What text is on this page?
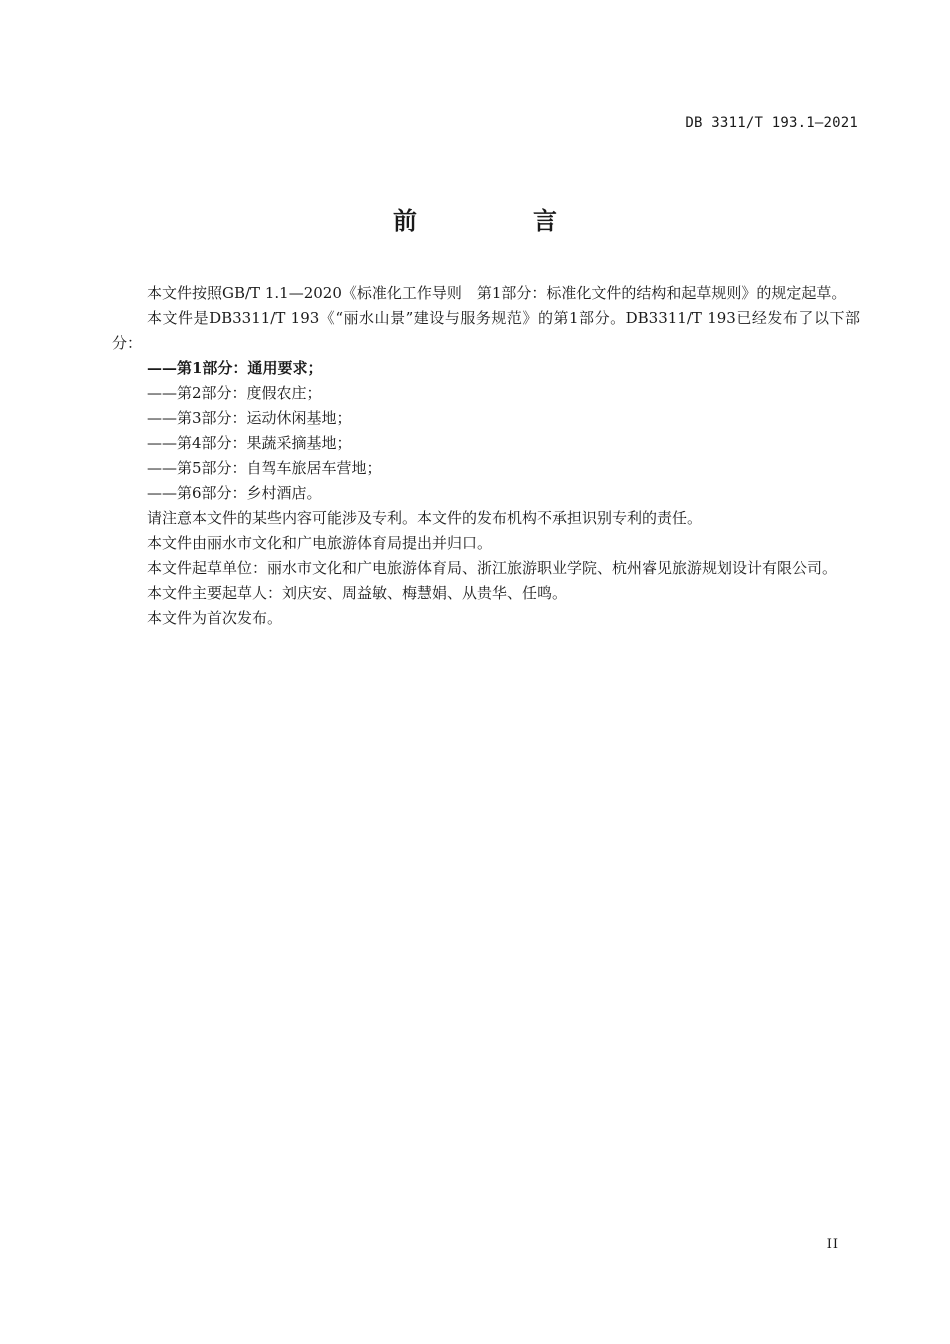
DB 3311/T 193.1—2021
前　言

本文件按照GB/T 1.1—2020《标准化工作导则　第1部分：标准化文件的结构和起草规则》的规定起草。

本文件是DB3311/T 193《“丽水山景”建设与服务规范》的第1部分。DB3311/T 193已经发布了以下部分：

——第1部分：通用要求；

——第2部分：度假农庄；

——第3部分：运动休闲基地；

——第4部分：果蔬采摘基地；

——第5部分：自驾车旅居车营地；

——第6部分：乡村酒店。

请注意本文件的某些内容可能涉及专利。本文件的发布机构不承担识别专利的责任。

本文件由丽水市文化和广电旅游体育局提出并归口。

本文件起草单位：丽水市文化和广电旅游体育局、浙江旅游职业学院、杭州睿见旅游规划设计有限公司。

本文件主要起草人：刘庆安、周益敏、梅慧娟、从贵华、任鸣。

本文件为首次发布。

II
